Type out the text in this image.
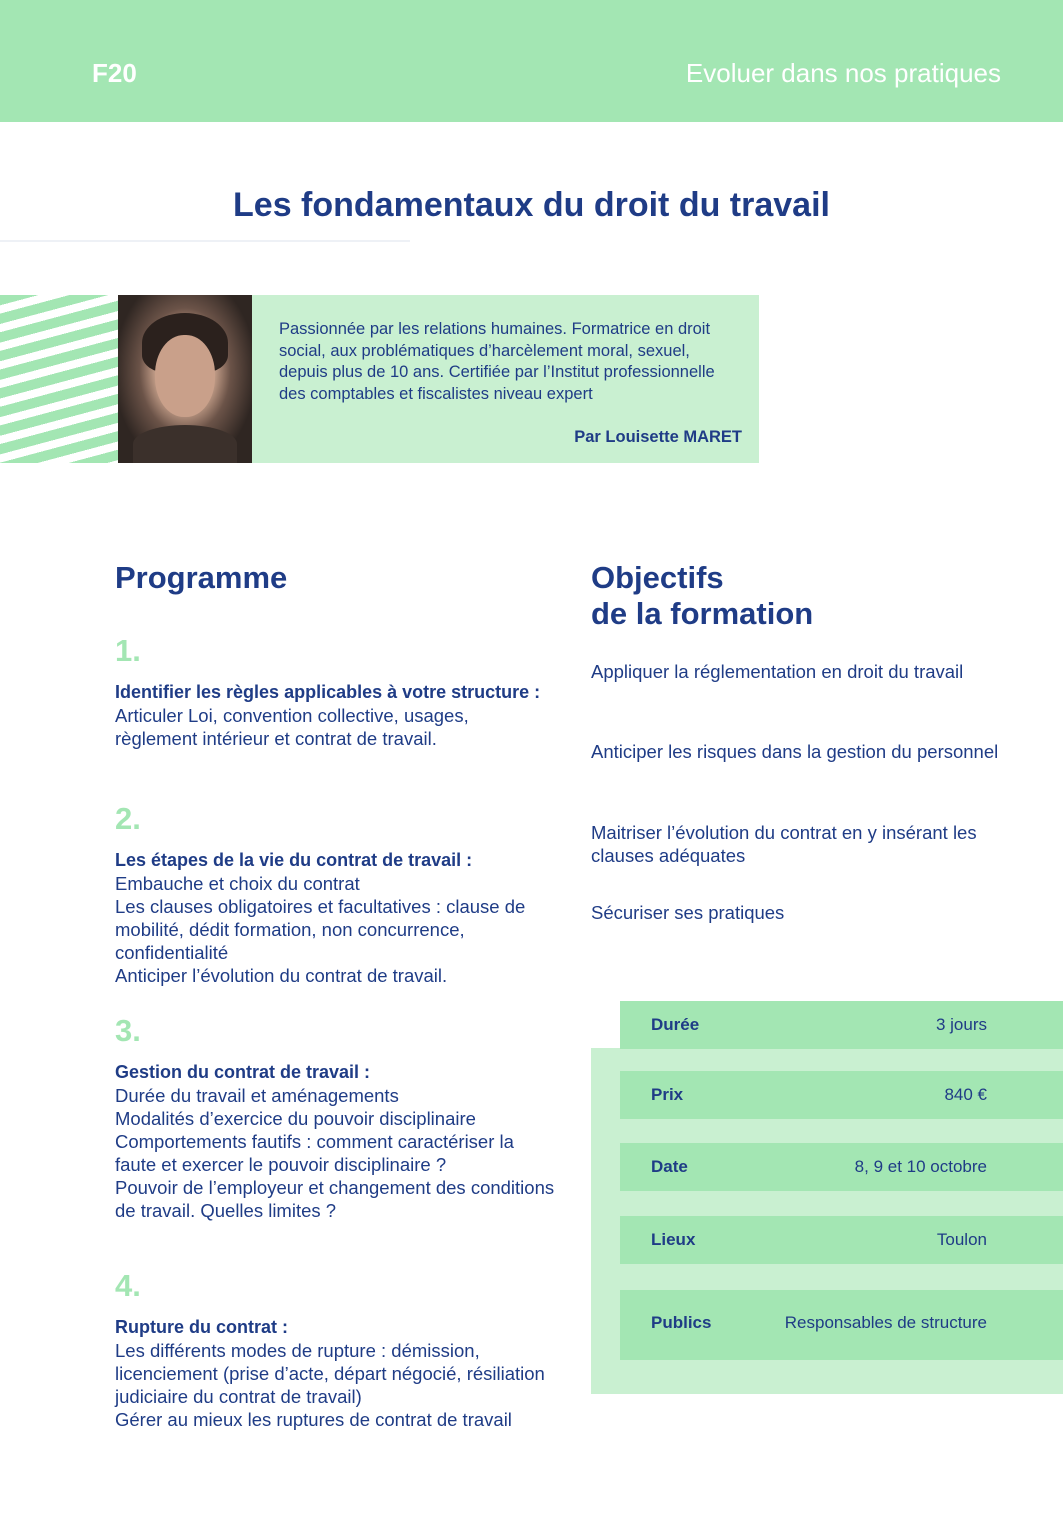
F20	Evoluer dans nos pratiques
Les fondamentaux du droit du travail
Passionnée par les relations humaines. Formatrice en droit social, aux problématiques d’harcèlement moral, sexuel, depuis plus de 10 ans. Certifiée par l’Institut professionnelle des comptables et fiscalistes niveau expert
Par Louisette MARET
Programme
1.
Identifier les règles applicables à votre structure :
Articuler Loi, convention collective, usages, règlement intérieur et contrat de travail.
2.
Les étapes de la vie du contrat de travail :
Embauche et choix du contrat
Les clauses obligatoires et facultatives : clause de mobilité, dédit formation, non concurrence, confidentialité
Anticiper l’évolution du contrat de travail.
3.
Gestion du contrat de travail :
Durée du travail et aménagements
Modalités d’exercice du pouvoir disciplinaire
Comportements fautifs : comment caractériser la faute et exercer le pouvoir disciplinaire ?
Pouvoir de l’employeur et changement des conditions de travail. Quelles limites ?
4.
Rupture du contrat :
Les différents modes de rupture : démission, licenciement (prise d’acte, départ négocié, résiliation judiciaire du contrat de travail)
Gérer au mieux les ruptures de contrat de travail
Objectifs
de la formation
Appliquer la réglementation en droit du travail
Anticiper les risques dans la gestion du personnel
Maitriser l’évolution du contrat en y insérant les clauses adéquates
Sécuriser ses pratiques
Durée	3 jours
Prix	840 €
Date	8, 9 et 10 octobre
Lieux	Toulon
Publics	Responsables de structure
